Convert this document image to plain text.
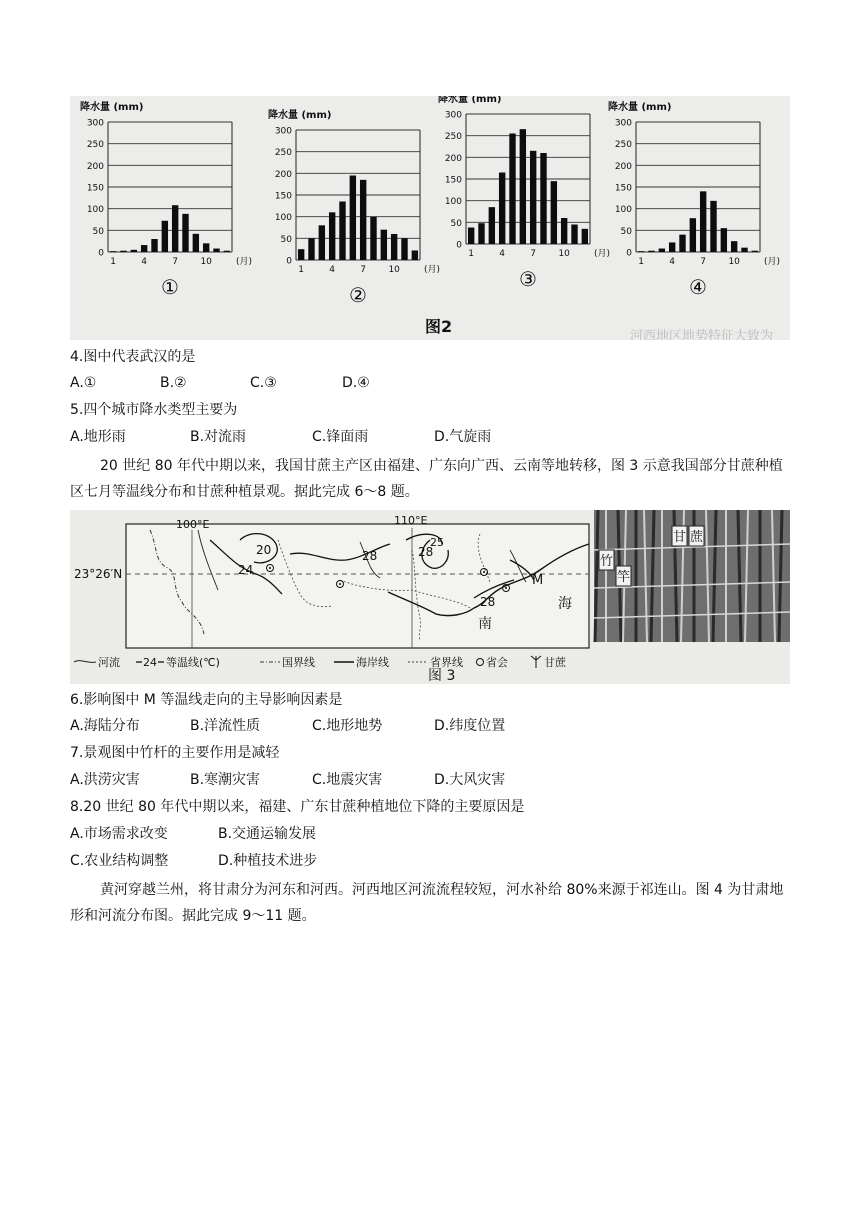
图2
河西地区地势特征大致为
降水量 (mm)
300
250
200
150
100
50
0
1	4	7 10	(月)
①
降水量 (mm)
300
250
200
150
100
50
0
1	4	7 10	(月)
②
降水量 (mm)
300
250
200
150
100
50
0
1	4	7 10	(月)
③
降水量 (mm)
300
250
200
150
100
50
0
1	4	7 10	(月)
④
4.图中代表武汉的是
A.①	B.②	C.③	D.④
5.四个城市降水类型主要为
A.地形雨	B.对流雨	C.锋面雨	D.气旋雨
20 世纪 80 年代中期以来，我国甘蔗主产区由福建、广东向广西、云南等地转移，图 3 示意我国部分甘蔗种植区七月等温线分布和甘蔗种植景观。据此完成 6～8 题。
100°E	110°E
23°26′N
20
24
28	28
25
28
M
南
海
河流 24 等温线(℃)	国界线	海岸线	省界线 省会	甘蔗
图 3
竹
竿
甘 蔗
6.影响图中 M 等温线走向的主导影响因素是
A.海陆分布	B.洋流性质	C.地形地势	D.纬度位置
7.景观图中竹杆的主要作用是减轻
A.洪涝灾害	B.寒潮灾害	C.地震灾害	D.大风灾害
8.20 世纪 80 年代中期以来，福建、广东甘蔗种植地位下降的主要原因是
A.市场需求改变	B.交通运输发展
C.农业结构调整	D.种植技术进步
黄河穿越兰州，将甘肃分为河东和河西。河西地区河流流程较短，河水补给 80%来源于祁连山。图 4 为甘肃地形和河流分布图。据此完成 9～11 题。
